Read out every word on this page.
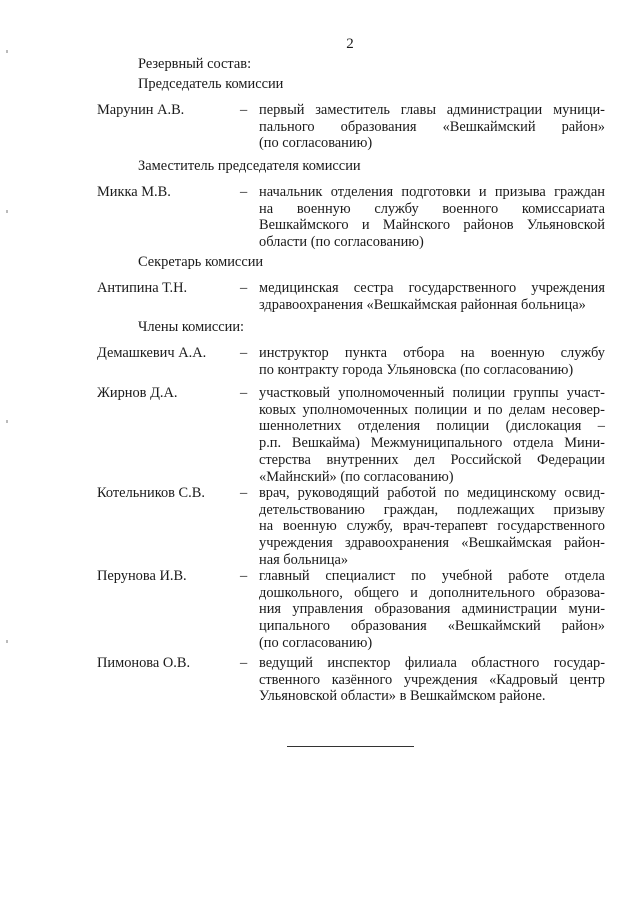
2
Резервный состав:
Председатель комиссии
Марунин А.В.	– первый заместитель главы администрации муници-
пального образования «Вешкаймский район»
(по согласованию)
Заместитель председателя комиссии
Микка М.В.	– начальник отделения подготовки и призыва граждан
на военную службу военного комиссариата
Вешкаймского и Майнского районов Ульяновской
области (по согласованию)
Секретарь комиссии
Антипина Т.Н.	– медицинская сестра государственного учреждения
здравоохранения «Вешкаймская районная больница»
Члены комиссии:
Демашкевич А.А. – инструктор пункта отбора на военную службу
по контракту города Ульяновска (по согласованию)
Жирнов Д.А.	– участковый уполномоченный полиции группы участ-
ковых уполномоченных полиции и по делам несовер-
шеннолетних отделения полиции (дислокация –
р.п. Вешкайма) Межмуниципального отдела Мини-
стерства внутренних дел Российской Федерации
«Майнский» (по согласованию)
Котельников С.В. – врач, руководящий работой по медицинскому освид-
детельствованию граждан, подлежащих призыву
на военную службу, врач-терапевт государственного
учреждения здравоохранения «Вешкаймская район-
ная больница»
Перунова И.В.	– главный специалист по учебной работе отдела
дошкольного, общего и дополнительного образова-
ния управления образования администрации муни-
ципального образования «Вешкаймский район»
(по согласованию)
Пимонова О.В.	– ведущий инспектор филиала областного государ-
ственного казённого учреждения «Кадровый центр
Ульяновской области» в Вешкаймском районе.
